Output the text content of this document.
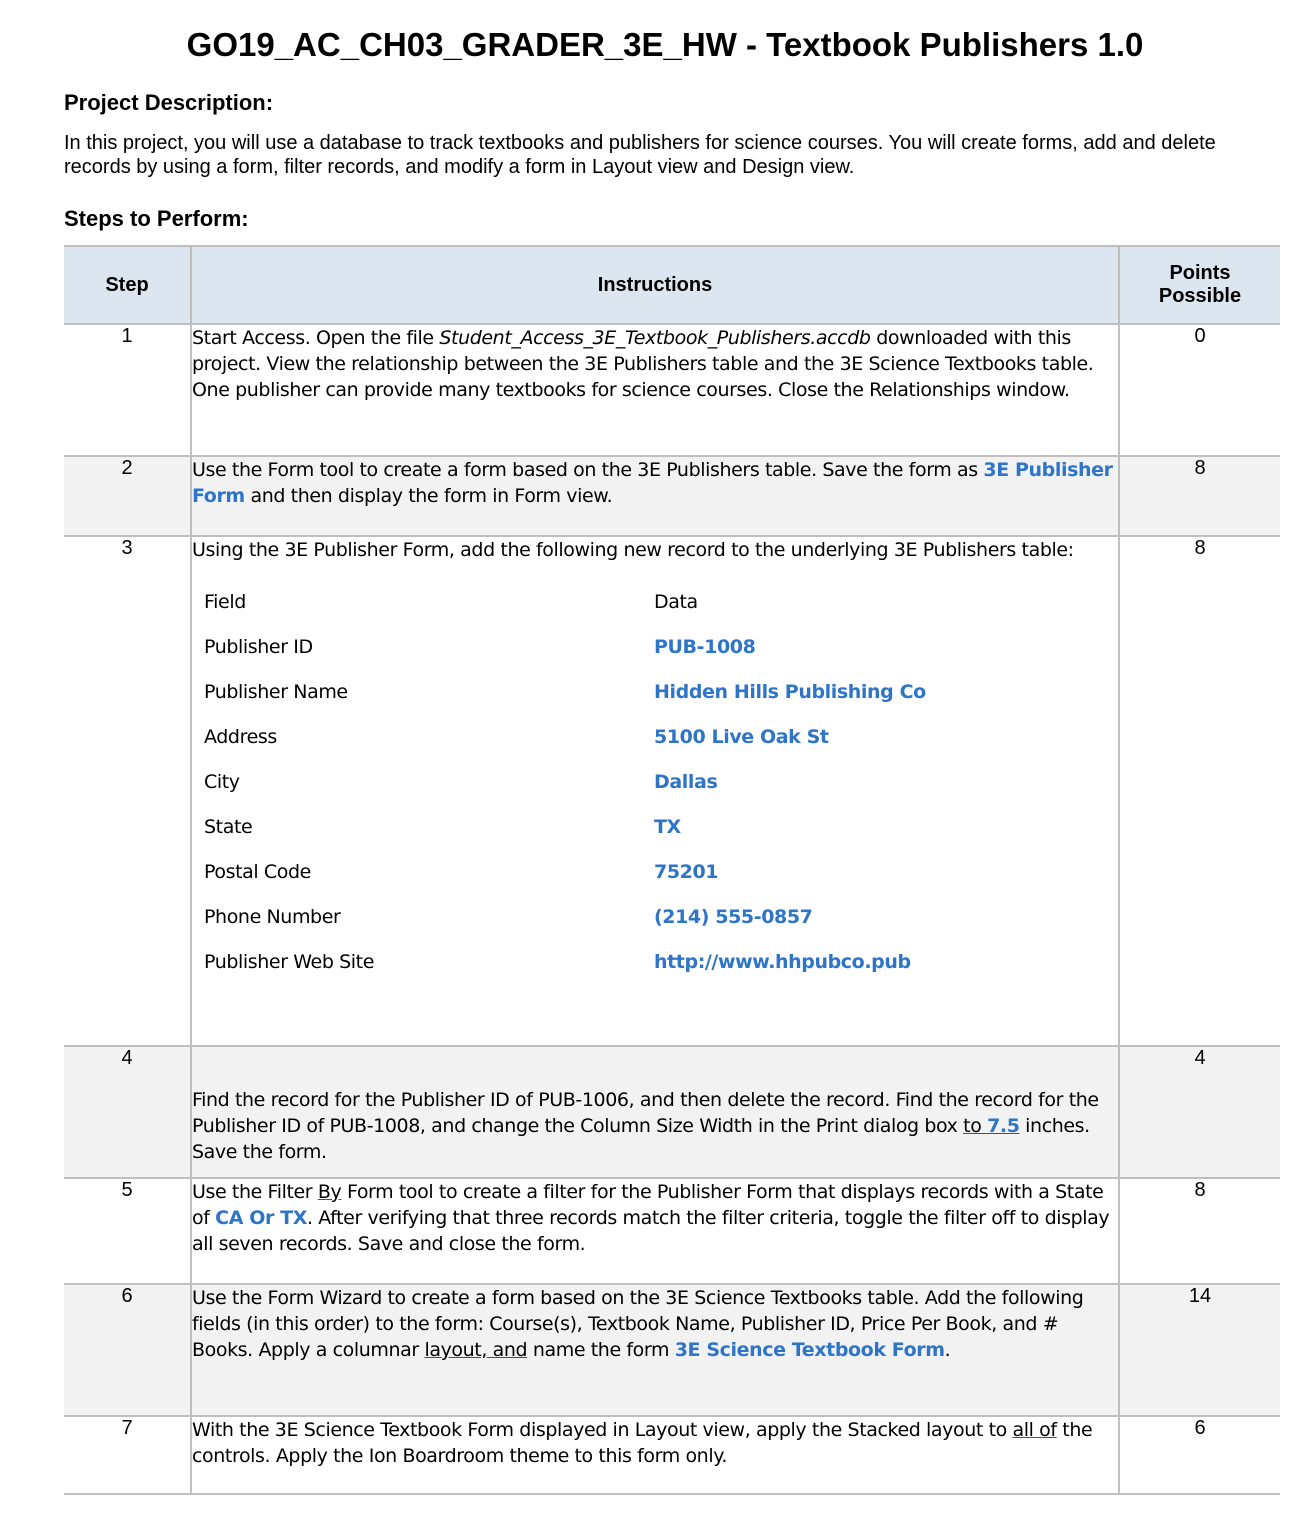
GO19_AC_CH03_GRADER_3E_HW - Textbook Publishers 1.0
Project Description:

In this project, you will use a database to track textbooks and publishers for science courses. You will create forms, add and delete records by using a form, filter records, and modify a form in Layout view and Design view.

Steps to Perform:
Step	Instructions	Points
Possible
1	Start Access. Open the file Student_Access_3E_Textbook_Publishers.accdb downloaded with this project. View the relationship between the 3E Publishers table and the 3E Science Textbooks table. One publisher can provide many textbooks for science courses. Close the Relationships window.	0
2	Use the Form tool to create a form based on the 3E Publishers table. Save the form as 3E Publisher Form and then display the form in Form view.	8
3	Using the 3E Publisher Form, add the following new record to the underlying 3E Publishers table:
Field	Data
Publisher ID	PUB-1008
Publisher Name	Hidden Hills Publishing Co
Address	5100 Live Oak St
City	Dallas
State	TX
Postal Code	75201
Phone Number	(214) 555-0857
Publisher Web Site	http://www.hhpubco.pub
	8
4	Find the record for the Publisher ID of PUB-1006, and then delete the record. Find the record for the Publisher ID of PUB-1008, and change the Column Size Width in the Print dialog box to 7.5 inches. Save the form.	4
5	Use the Filter By Form tool to create a filter for the Publisher Form that displays records with a State of CA Or TX. After verifying that three records match the filter criteria, toggle the filter off to display all seven records. Save and close the form.	8
6	Use the Form Wizard to create a form based on the 3E Science Textbooks table. Add the following fields (in this order) to the form: Course(s), Textbook Name, Publisher ID, Price Per Book, and # Books. Apply a columnar layout, and name the form 3E Science Textbook Form.	14
7	With the 3E Science Textbook Form displayed in Layout view, apply the Stacked layout to all of the controls. Apply the Ion Boardroom theme to this form only.	6
